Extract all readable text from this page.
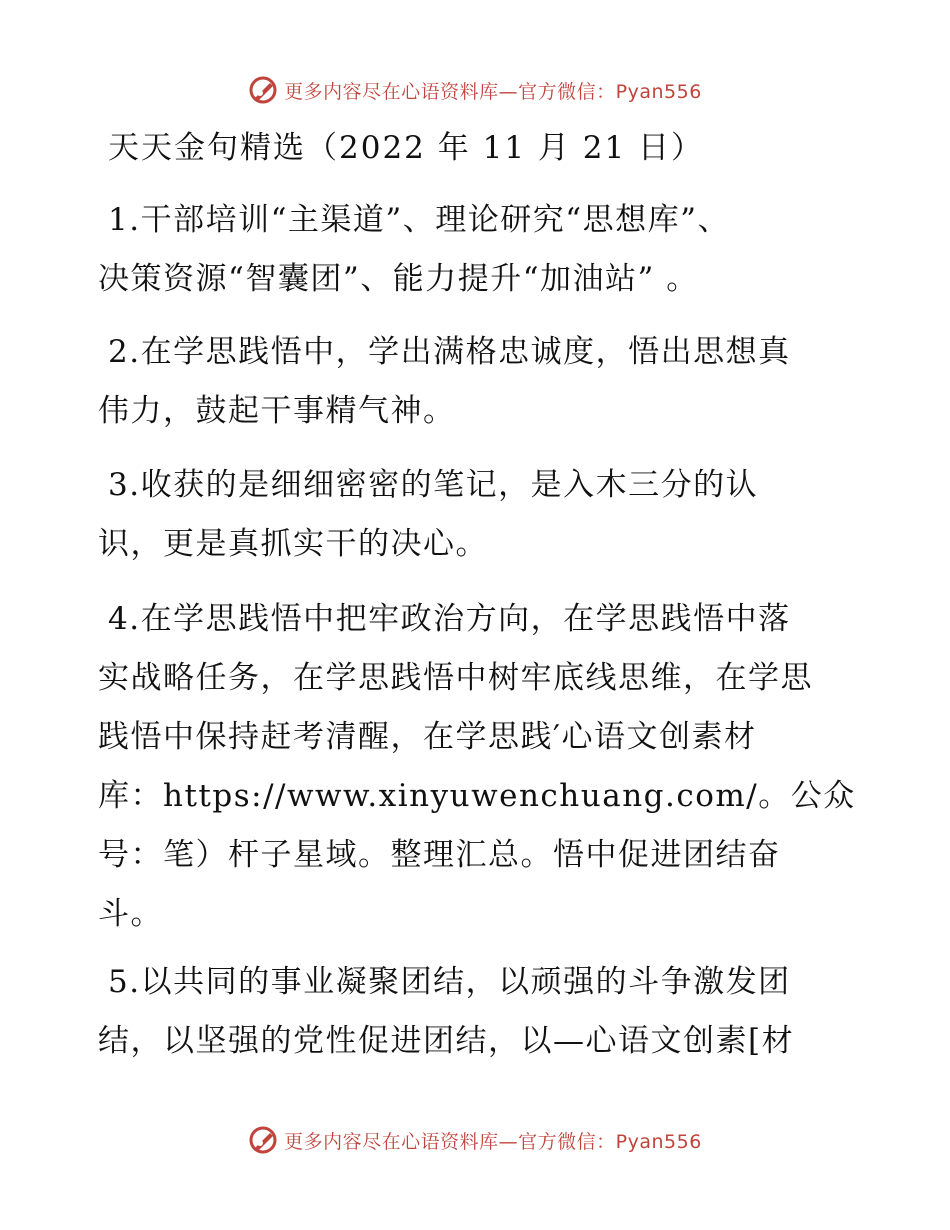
更多内容尽在心语资料库—官方微信：Pyan556
天天金句精选（2022 年 11 月 21 日）
1.干部培训“主渠道”、理论研究“思想库”、
决策资源“智囊团”、能力提升“加油站” 。
2.在学思践悟中，学出满格忠诚度，悟出思想真
伟力，鼓起干事精气神。
3.收获的是细细密密的笔记，是入木三分的认
识，更是真抓实干的决心。
4.在学思践悟中把牢政治方向，在学思践悟中落
实战略任务，在学思践悟中树牢底线思维，在学思
践悟中保持赶考清醒，在学思践′心语文创素材
库：https://www.xinyuwenchuang.com/。公众
号：笔）杆子星域。整理汇总。悟中促进团结奋
斗。
5.以共同的事业凝聚团结，以顽强的斗争激发团
结，以坚强的党性促进团结，以—心语文创素[材
更多内容尽在心语资料库—官方微信：Pyan556
